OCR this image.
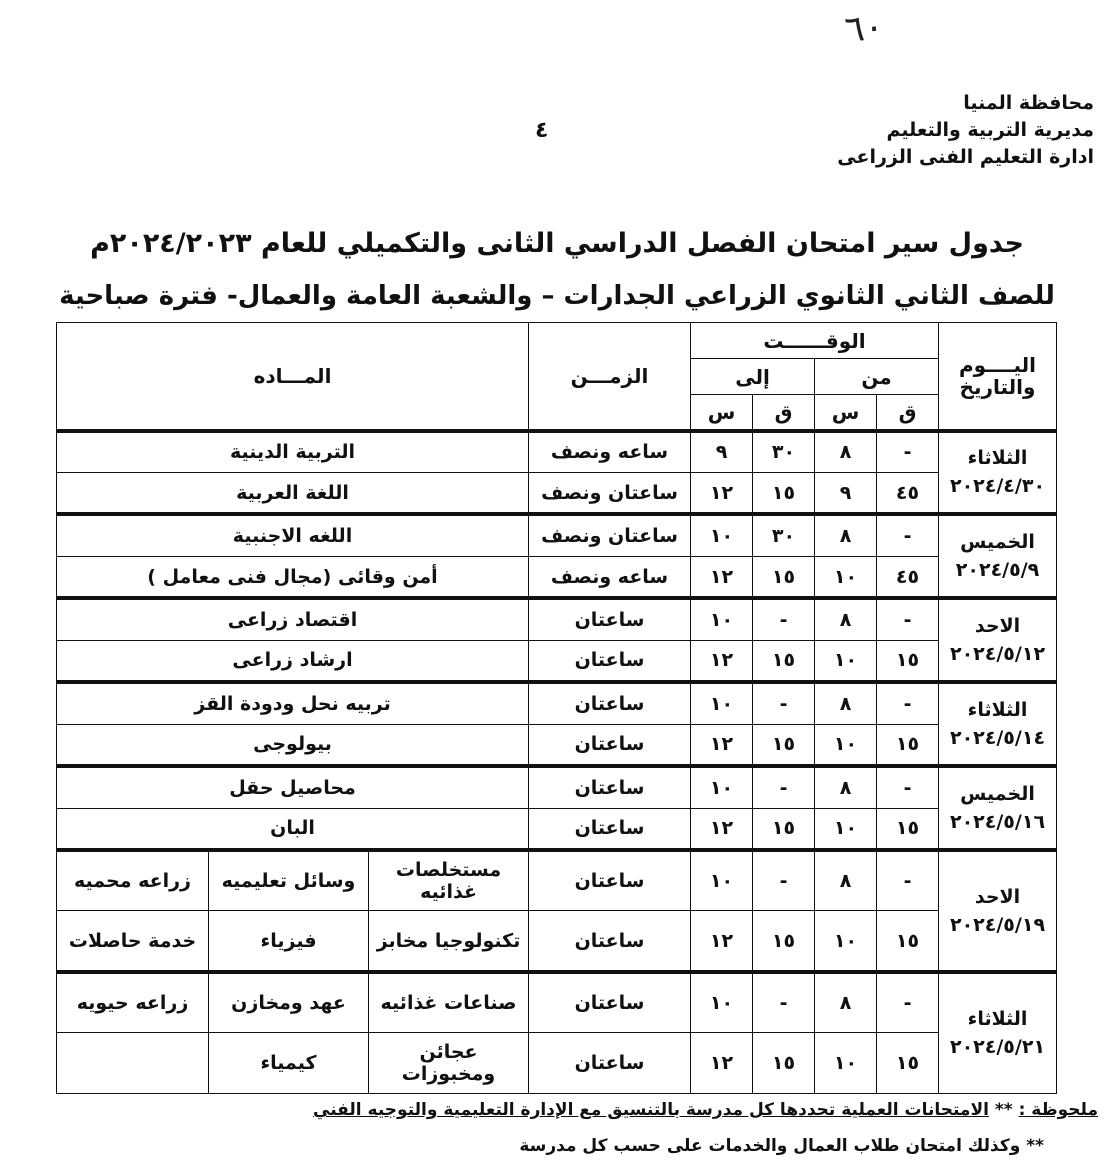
٦٠
محافظة المنيا
مديرية التربية والتعليم
ادارة التعليم الفنى الزراعى
٤
جدول سير امتحان الفصل الدراسي الثانى والتكميلي للعام ٢٠٢٤/٢٠٢٣م
للصف الثاني الثانوي الزراعي الجدارات – والشعبة العامة والعمال- فترة صباحية
اليــــوم والتاريخ	الوقــــــت				الزمـــن	المـــاده		
	من		إلى					
	ق	س	ق	س				

الثلاثاء
٢٠٢٤/٤/٣٠	-	٨	٣٠	٩	ساعه ونصف	التربية الدينية		
	٤٥	٩	١٥	١٢	ساعتان ونصف	اللغة العربية		

الخميس
٢٠٢٤/٥/٩	-	٨	٣٠	١٠	ساعتان ونصف	اللغه الاجنبية		
	٤٥	١٠	١٥	١٢	ساعه ونصف	أمن وقائى (مجال فنى معامل )		

الاحد
٢٠٢٤/٥/١٢	-	٨	-	١٠	ساعتان	اقتصاد زراعى		
	١٥	١٠	١٥	١٢	ساعتان	ارشاد زراعى		

الثلاثاء
٢٠٢٤/٥/١٤	-	٨	-	١٠	ساعتان	تربيه نحل ودودة القز		
	١٥	١٠	١٥	١٢	ساعتان	بيولوجى		

الخميس
٢٠٢٤/٥/١٦	-	٨	-	١٠	ساعتان	محاصيل حقل		
	١٥	١٠	١٥	١٢	ساعتان	البان		

الاحد
٢٠٢٤/٥/١٩	-	٨	-	١٠	ساعتان	مستخلصات غذائيه	وسائل تعليميه	زراعه محميه
	١٥	١٠	١٥	١٢	ساعتان	تكنولوجيا مخابز	فيزياء	خدمة حاصلات

الثلاثاء
٢٠٢٤/٥/٢١	-	٨	-	١٠	ساعتان	صناعات غذائيه	عهد ومخازن	زراعه حيويه
	١٥	١٠	١٥	١٢	ساعتان	عجائن ومخبوزات	كيمياء	
ملحوظة : ** الامتحانات العملية تحددها كل مدرسة بالتنسيق مع الإدارة التعليمية والتوجيه الفني
** وكذلك امتحان طلاب العمال والخدمات على حسب كل مدرسة
